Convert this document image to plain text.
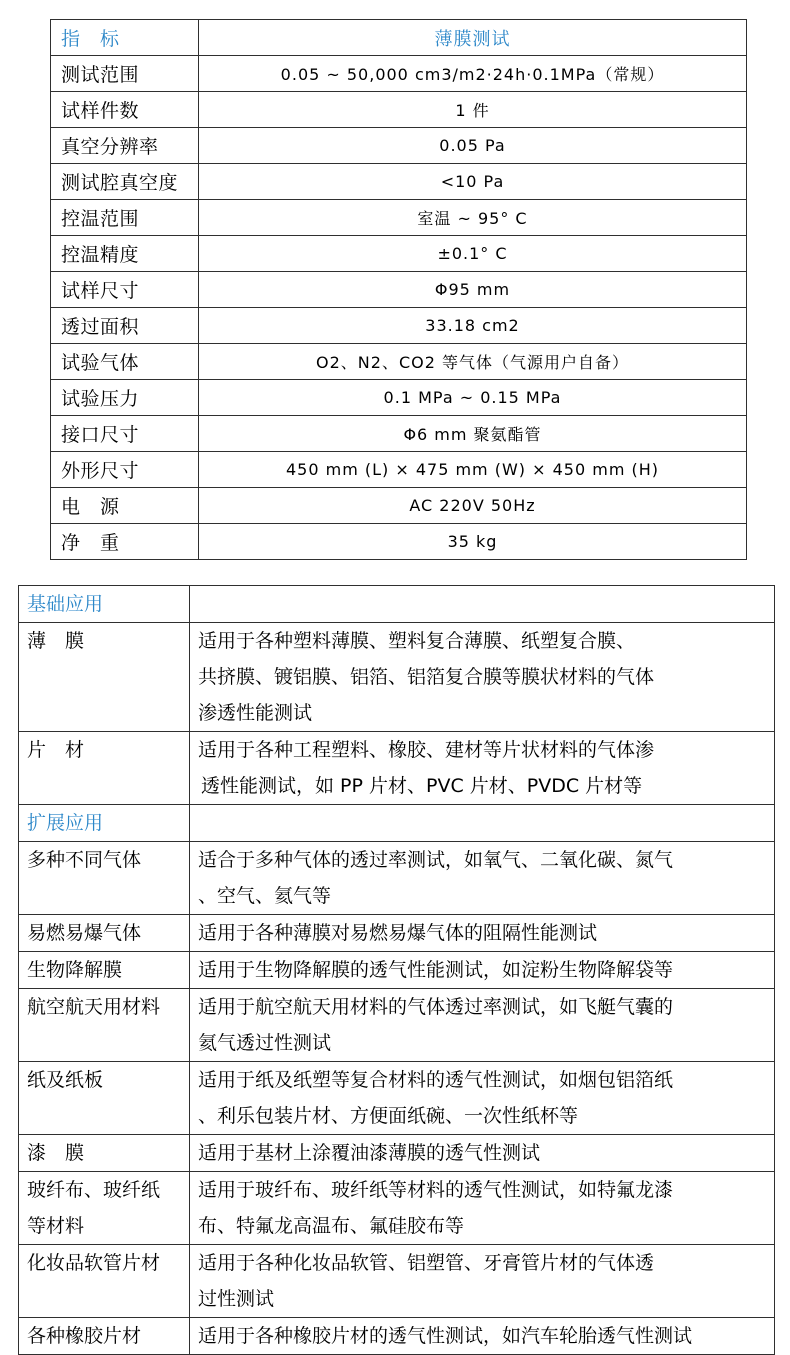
指　标	薄膜测试
测试范围	0.05 ~ 50,000 cm3/m2·24h·0.1MPa（常规）
试样件数	1 件
真空分辨率	0.05 Pa
测试腔真空度	<10 Pa
控温范围	室温 ~ 95° C
控温精度	±0.1° C
试样尺寸	Φ95 mm
透过面积	33.18 cm2
试验气体	O2、N2、CO2 等气体（气源用户自备）
试验压力	0.1 MPa ~ 0.15 MPa
接口尺寸	Φ6 mm 聚氨酯管
外形尺寸	450 mm (L) × 475 mm (W) × 450 mm (H)
电　源	AC 220V 50Hz
净　重	35 kg
基础应用	
薄　膜	适用于各种塑料薄膜、塑料复合薄膜、纸塑复合膜、
共挤膜、镀铝膜、铝箔、铝箔复合膜等膜状材料的气体
渗透性能测试

片　材	适用于各种工程塑料、橡胶、建材等片状材料的气体渗
透性能测试，如 PP 片材、PVC 片材、PVDC 片材等

扩展应用	

多种不同气体	适合于多种气体的透过率测试，如氧气、二氧化碳、氮气
、空气、氦气等

易燃易爆气体	适用于各种薄膜对易燃易爆气体的阻隔性能测试

生物降解膜	适用于生物降解膜的透气性能测试，如淀粉生物降解袋等

航空航天用材料	适用于航空航天用材料的气体透过率测试，如飞艇气囊的
氦气透过性测试

纸及纸板	适用于纸及纸塑等复合材料的透气性测试，如烟包铝箔纸
、利乐包装片材、方便面纸碗、一次性纸杯等

漆　膜	适用于基材上涂覆油漆薄膜的透气性测试

玻纤布、玻纤纸
等材料	适用于玻纤布、玻纤纸等材料的透气性测试，如特氟龙漆
布、特氟龙高温布、氟硅胶布等

化妆品软管片材	适用于各种化妆品软管、铝塑管、牙膏管片材的气体透
过性测试

各种橡胶片材	适用于各种橡胶片材的透气性测试，如汽车轮胎透气性测试
